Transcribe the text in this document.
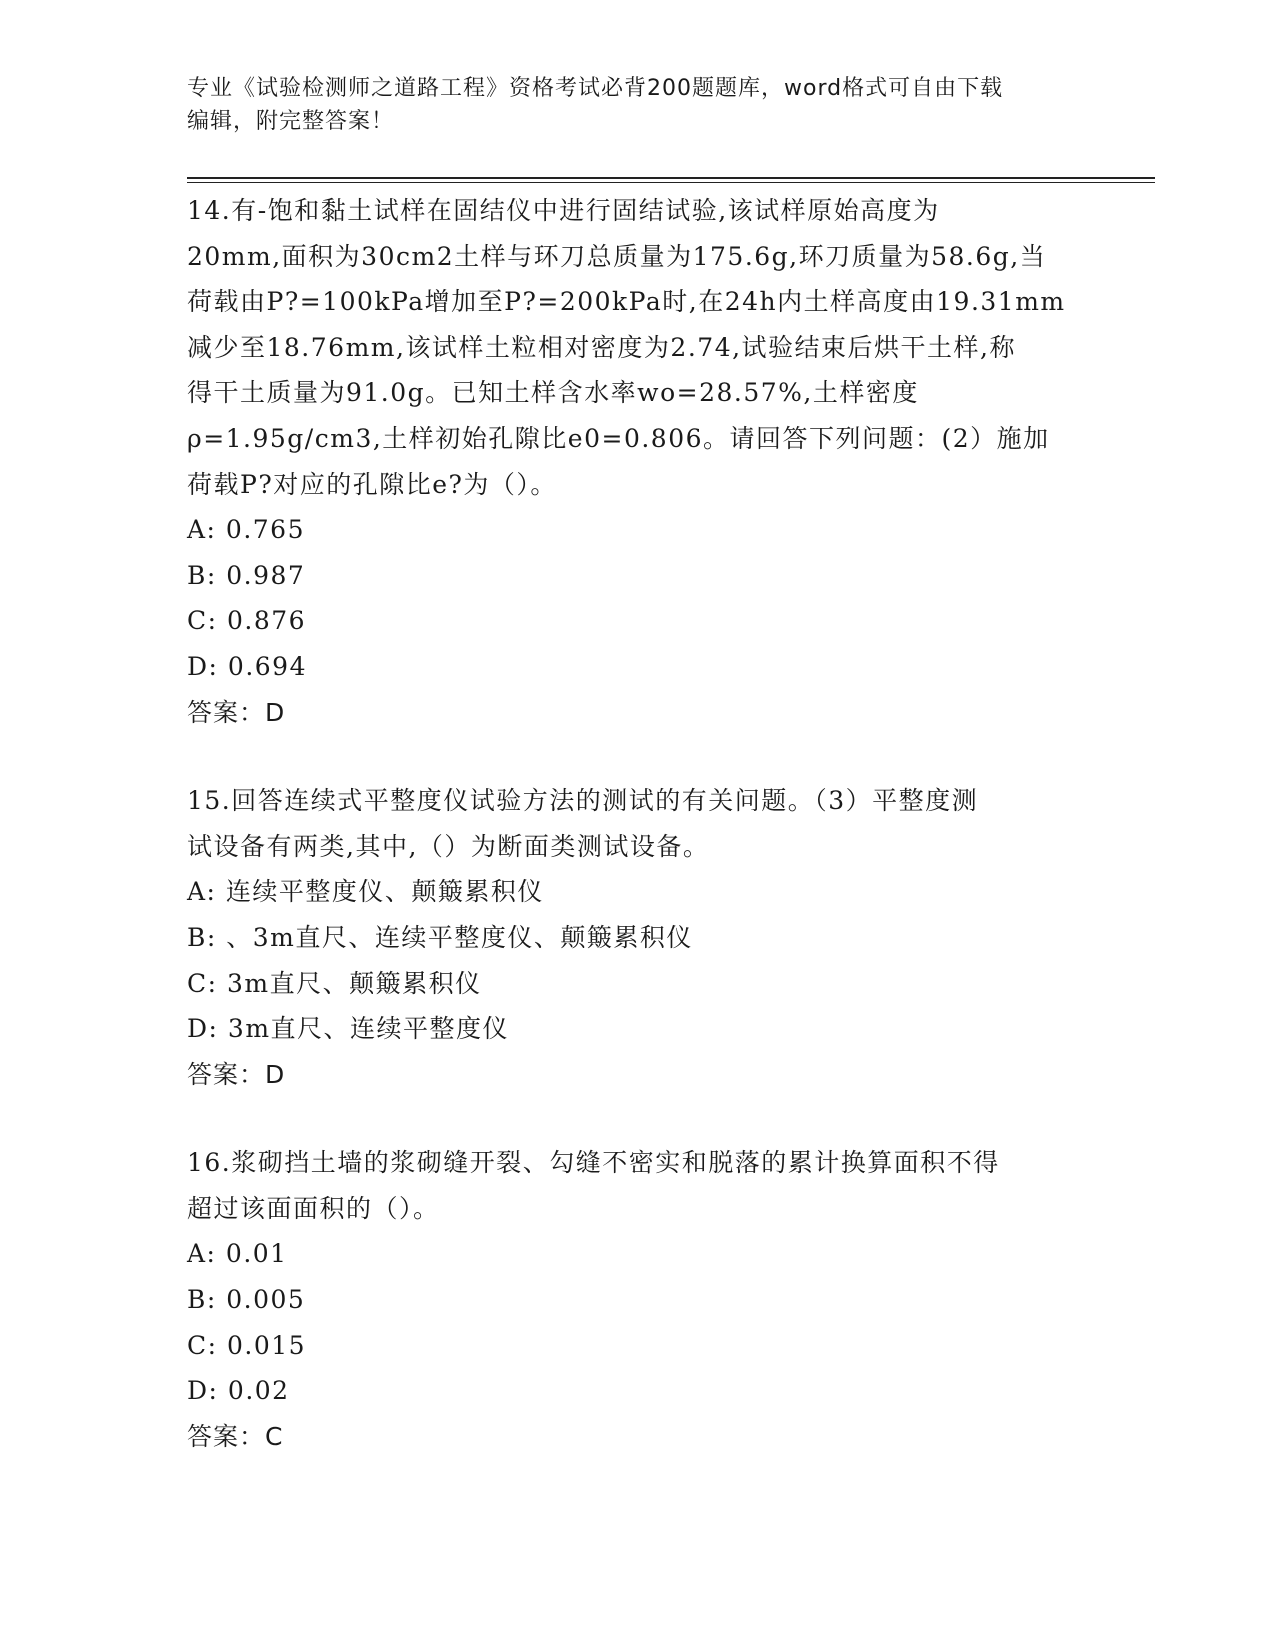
专业《试验检测师之道路工程》资格考试必背200题题库，word格式可自由下载
编辑，附完整答案！

14.有-饱和黏土试样在固结仪中进行固结试验,该试样原始高度为

20mm,面积为30cm2土样与环刀总质量为175.6g,环刀质量为58.6g,当

荷载由P?=100kPa增加至P?=200kPa时,在24h内土样高度由19.31mm

减少至18.76mm,该试样土粒相对密度为2.74,试验结束后烘干土样,称

得干土质量为91.0g。已知土样含水率wo=28.57%,土样密度

ρ=1.95g/cm3,土样初始孔隙比e0=0.806。请回答下列问题：(2）施加

荷载P?对应的孔隙比e?为（）。

A: 0.765

B: 0.987

C: 0.876

D: 0.694

答案：D

15.回答连续式平整度仪试验方法的测试的有关问题。（3）平整度测

试设备有两类,其中,（）为断面类测试设备。

A: 连续平整度仪、颠簸累积仪

B: 、3m直尺、连续平整度仪、颠簸累积仪

C: 3m直尺、颠簸累积仪

D: 3m直尺、连续平整度仪

答案：D

16.浆砌挡土墙的浆砌缝开裂、勾缝不密实和脱落的累计换算面积不得

超过该面面积的（）。

A: 0.01

B: 0.005

C: 0.015

D: 0.02

答案：C
